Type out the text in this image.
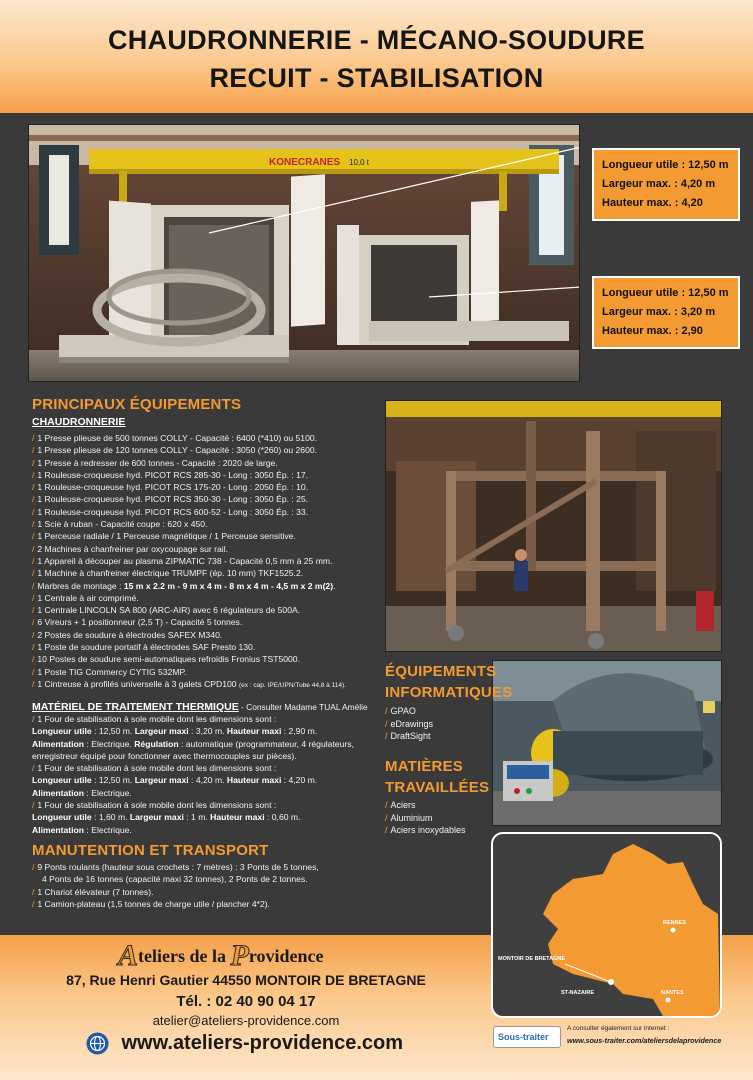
CHAUDRONNERIE - MÉCANO-SOUDURE
RECUIT - STABILISATION
KONECRANES 10,0 t	Longueur utile : 12,50 m
Largeur max. : 4,20 m
Hauteur max. : 4,20
Longueur utile : 12,50 m
Largeur max. : 3,20 m
Hauteur max. : 2,90
PRINCIPAUX ÉQUIPEMENTS
CHAUDRONNERIE
/ 1 Presse plieuse de 500 tonnes COLLY - Capacité : 6400 (*410) ou 5100.
/ 1 Presse plieuse de 120 tonnes COLLY - Capacité : 3050 (*260) ou 2600.
/ 1 Presse à redresser de 600 tonnes - Capacité : 2020 de large.
/ 1 Rouleuse-croqueuse hyd. PICOT RCS 285-30 - Long : 3050 Ép. : 17.
/ 1 Rouleuse-croqueuse hyd. PICOT RCS 175-20 - Long : 2050 Ép. : 10.
/ 1 Rouleuse-croqueuse hyd. PICOT RCS 350-30 - Long : 3050 Ép. : 25.
/ 1 Rouleuse-croqueuse hyd. PICOT RCS 600-52 - Long : 3050 Ép. : 33.
/ 1 Scie à ruban - Capacité coupe : 620 x 450.
/ 1 Perceuse radiale / 1 Perceuse magnétique / 1 Perceuse sensitive.
/ 2 Machines à chanfreiner par oxycoupage sur rail.
/ 1 Appareil à découper au plasma ZIPMATIC 738 - Capacité 0,5 mm à 25 mm.
/ 1 Machine à chanfreiner électrique TRUMPF (ép. 10 mm) TKF1525.2.
/ Marbres de montage : 15 m x 2.2 m - 9 m x 4 m - 8 m x 4 m - 4,5 m x 2 m(2).
/ 1 Centrale à air comprimé.
/ 1 Centrale LINCOLN SA 800 (ARC-AIR) avec 6 régulateurs de 500A.
/ 6 Vireurs + 1 positionneur (2,5 T) - Capacité 5 tonnes.
/ 2 Postes de soudure à électrodes SAFEX M340.
/ 1 Poste de soudure portatif à électrodes SAF Presto 130.
/ 10 Postes de soudure semi-automatiques refroidis Fronius TST5000.
/ 1 Poste TIG Commercy CYTIG 532MP.
/ 1 Cintreuse à profilés universelle à 3 galets CPD100 (ex : cap. IPE/UPN/Tube 44,8 à 114).
MATÉRIEL DE TRAITEMENT THERMIQUE - Consulter Madame TUAL Amélie
/ 1 Four de stabilisation à sole mobile dont les dimensions sont :
Longueur utile : 12,50 m. Largeur maxi : 3,20 m. Hauteur maxi : 2,90 m.
Alimentation : Electrique. Régulation : automatique (programmateur, 4 régulateurs,
enregistreur équipé pour fonctionner avec thermocouples sur pièces).
/ 1 Four de stabilisation à sole mobile dont les dimensions sont :
Longueur utile : 12,50 m. Largeur maxi : 4,20 m. Hauteur maxi : 4,20 m.
Alimentation : Electrique.
/ 1 Four de stabilisation à sole mobile dont les dimensions sont :
Longueur utile : 1,60 m. Largeur maxi : 1 m. Hauteur maxi : 0,60 m.
Alimentation : Electrique.
MANUTENTION ET TRANSPORT
/ 9 Ponts roulants (hauteur sous crochets : 7 mètres) : 3 Ponts de 5 tonnes,
4 Ponts de 16 tonnes (capacité maxi 32 tonnes), 2 Ponts de 2 tonnes.
/ 1 Chariot élévateur (7 tonnes).
/ 1 Camion-plateau (1,5 tonnes de charge utile / plancher 4*2).
ÉQUIPEMENTS
INFORMATIQUES
/ GPAO
/ eDrawings
/ DraftSight
MATIÈRES
TRAVAILLÉES
/ Aciers
/ Aluminium
/ Aciers inoxydables
Ateliers de la Providence
87, Rue Henri Gautier 44550 MONTOIR DE BRETAGNE
Tél. : 02 40 90 04 17
atelier@ateliers-providence.com
www.ateliers-providence.com
RENNES
MONTOIR DE BRETAGNE
ST-NAZAIRE	NANTES
Sous-traiter
A consulter également sur internet :
www.sous-traiter.com/ateliersdelaprovidence
